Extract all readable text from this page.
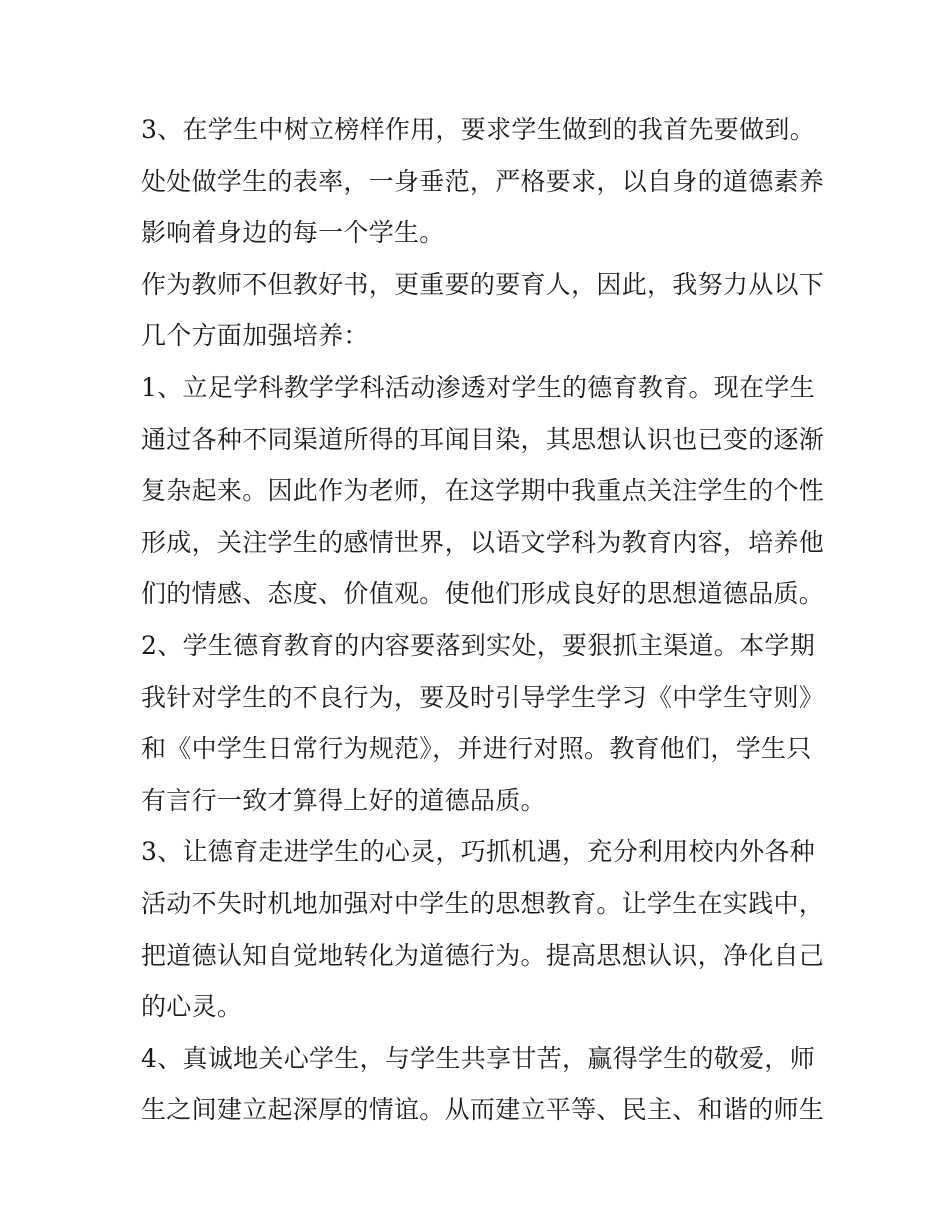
3、在学生中树立榜样作用，要求学生做到的我首先要做到。
处处做学生的表率，一身垂范，严格要求，以自身的道德素养
影响着身边的每一个学生。
作为教师不但教好书，更重要的要育人，因此，我努力从以下
几个方面加强培养：
1、立足学科教学学科活动渗透对学生的德育教育。现在学生
通过各种不同渠道所得的耳闻目染，其思想认识也已变的逐渐
复杂起来。因此作为老师，在这学期中我重点关注学生的个性
形成，关注学生的感情世界，以语文学科为教育内容，培养他
们的情感、态度、价值观。使他们形成良好的思想道德品质。
2、学生德育教育的内容要落到实处，要狠抓主渠道。本学期
我针对学生的不良行为，要及时引导学生学习《中学生守则》
和《中学生日常行为规范》，并进行对照。教育他们，学生只
有言行一致才算得上好的道德品质。
3、让德育走进学生的心灵，巧抓机遇，充分利用校内外各种
活动不失时机地加强对中学生的思想教育。让学生在实践中，
把道德认知自觉地转化为道德行为。提高思想认识，净化自己
的心灵。
4、真诚地关心学生，与学生共享甘苦，赢得学生的敬爱，师
生之间建立起深厚的情谊。从而建立平等、民主、和谐的师生
